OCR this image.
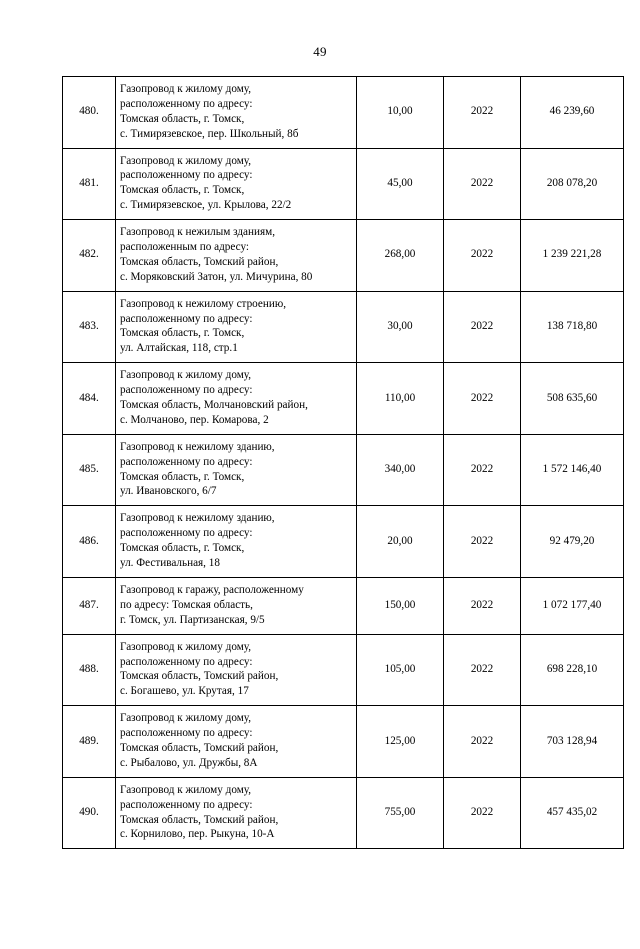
49
480.	Газопровод к жилому дому,
расположенному по адресу:
Томская область, г. Томск,
с. Тимирязевское, пер. Школьный, 8б	10,00	2022	46 239,60
481.	Газопровод к жилому дому,
расположенному по адресу:
Томская область, г. Томск,
с. Тимирязевское, ул. Крылова, 22/2	45,00	2022	208 078,20
482.	Газопровод к нежилым зданиям,
расположенным по адресу:
Томская область, Томский район,
с. Моряковский Затон, ул. Мичурина, 80	268,00	2022	1 239 221,28
483.	Газопровод к нежилому строению,
расположенному по адресу:
Томская область, г. Томск,
ул. Алтайская, 118, стр.1	30,00	2022	138 718,80
484.	Газопровод к жилому дому,
расположенному по адресу:
Томская область, Молчановский район,
с. Молчаново, пер. Комарова, 2	110,00	2022	508 635,60
485.	Газопровод к нежилому зданию,
расположенному по адресу:
Томская область, г. Томск,
ул. Ивановского, 6/7	340,00	2022	1 572 146,40
486.	Газопровод к нежилому зданию,
расположенному по адресу:
Томская область, г. Томск,
ул. Фестивальная, 18	20,00	2022	92 479,20
487.	Газопровод к гаражу, расположенному
по адресу: Томская область,
г. Томск, ул. Партизанская, 9/5	150,00	2022	1 072 177,40
488.	Газопровод к жилому дому,
расположенному по адресу:
Томская область, Томский район,
с. Богашево, ул. Крутая, 17	105,00	2022	698 228,10
489.	Газопровод к жилому дому,
расположенному по адресу:
Томская область, Томский район,
с. Рыбалово, ул. Дружбы, 8А	125,00	2022	703 128,94
490.	Газопровод к жилому дому,
расположенному по адресу:
Томская область, Томский район,
с. Корнилово, пер. Рыкуна, 10-А	755,00	2022	457 435,02
